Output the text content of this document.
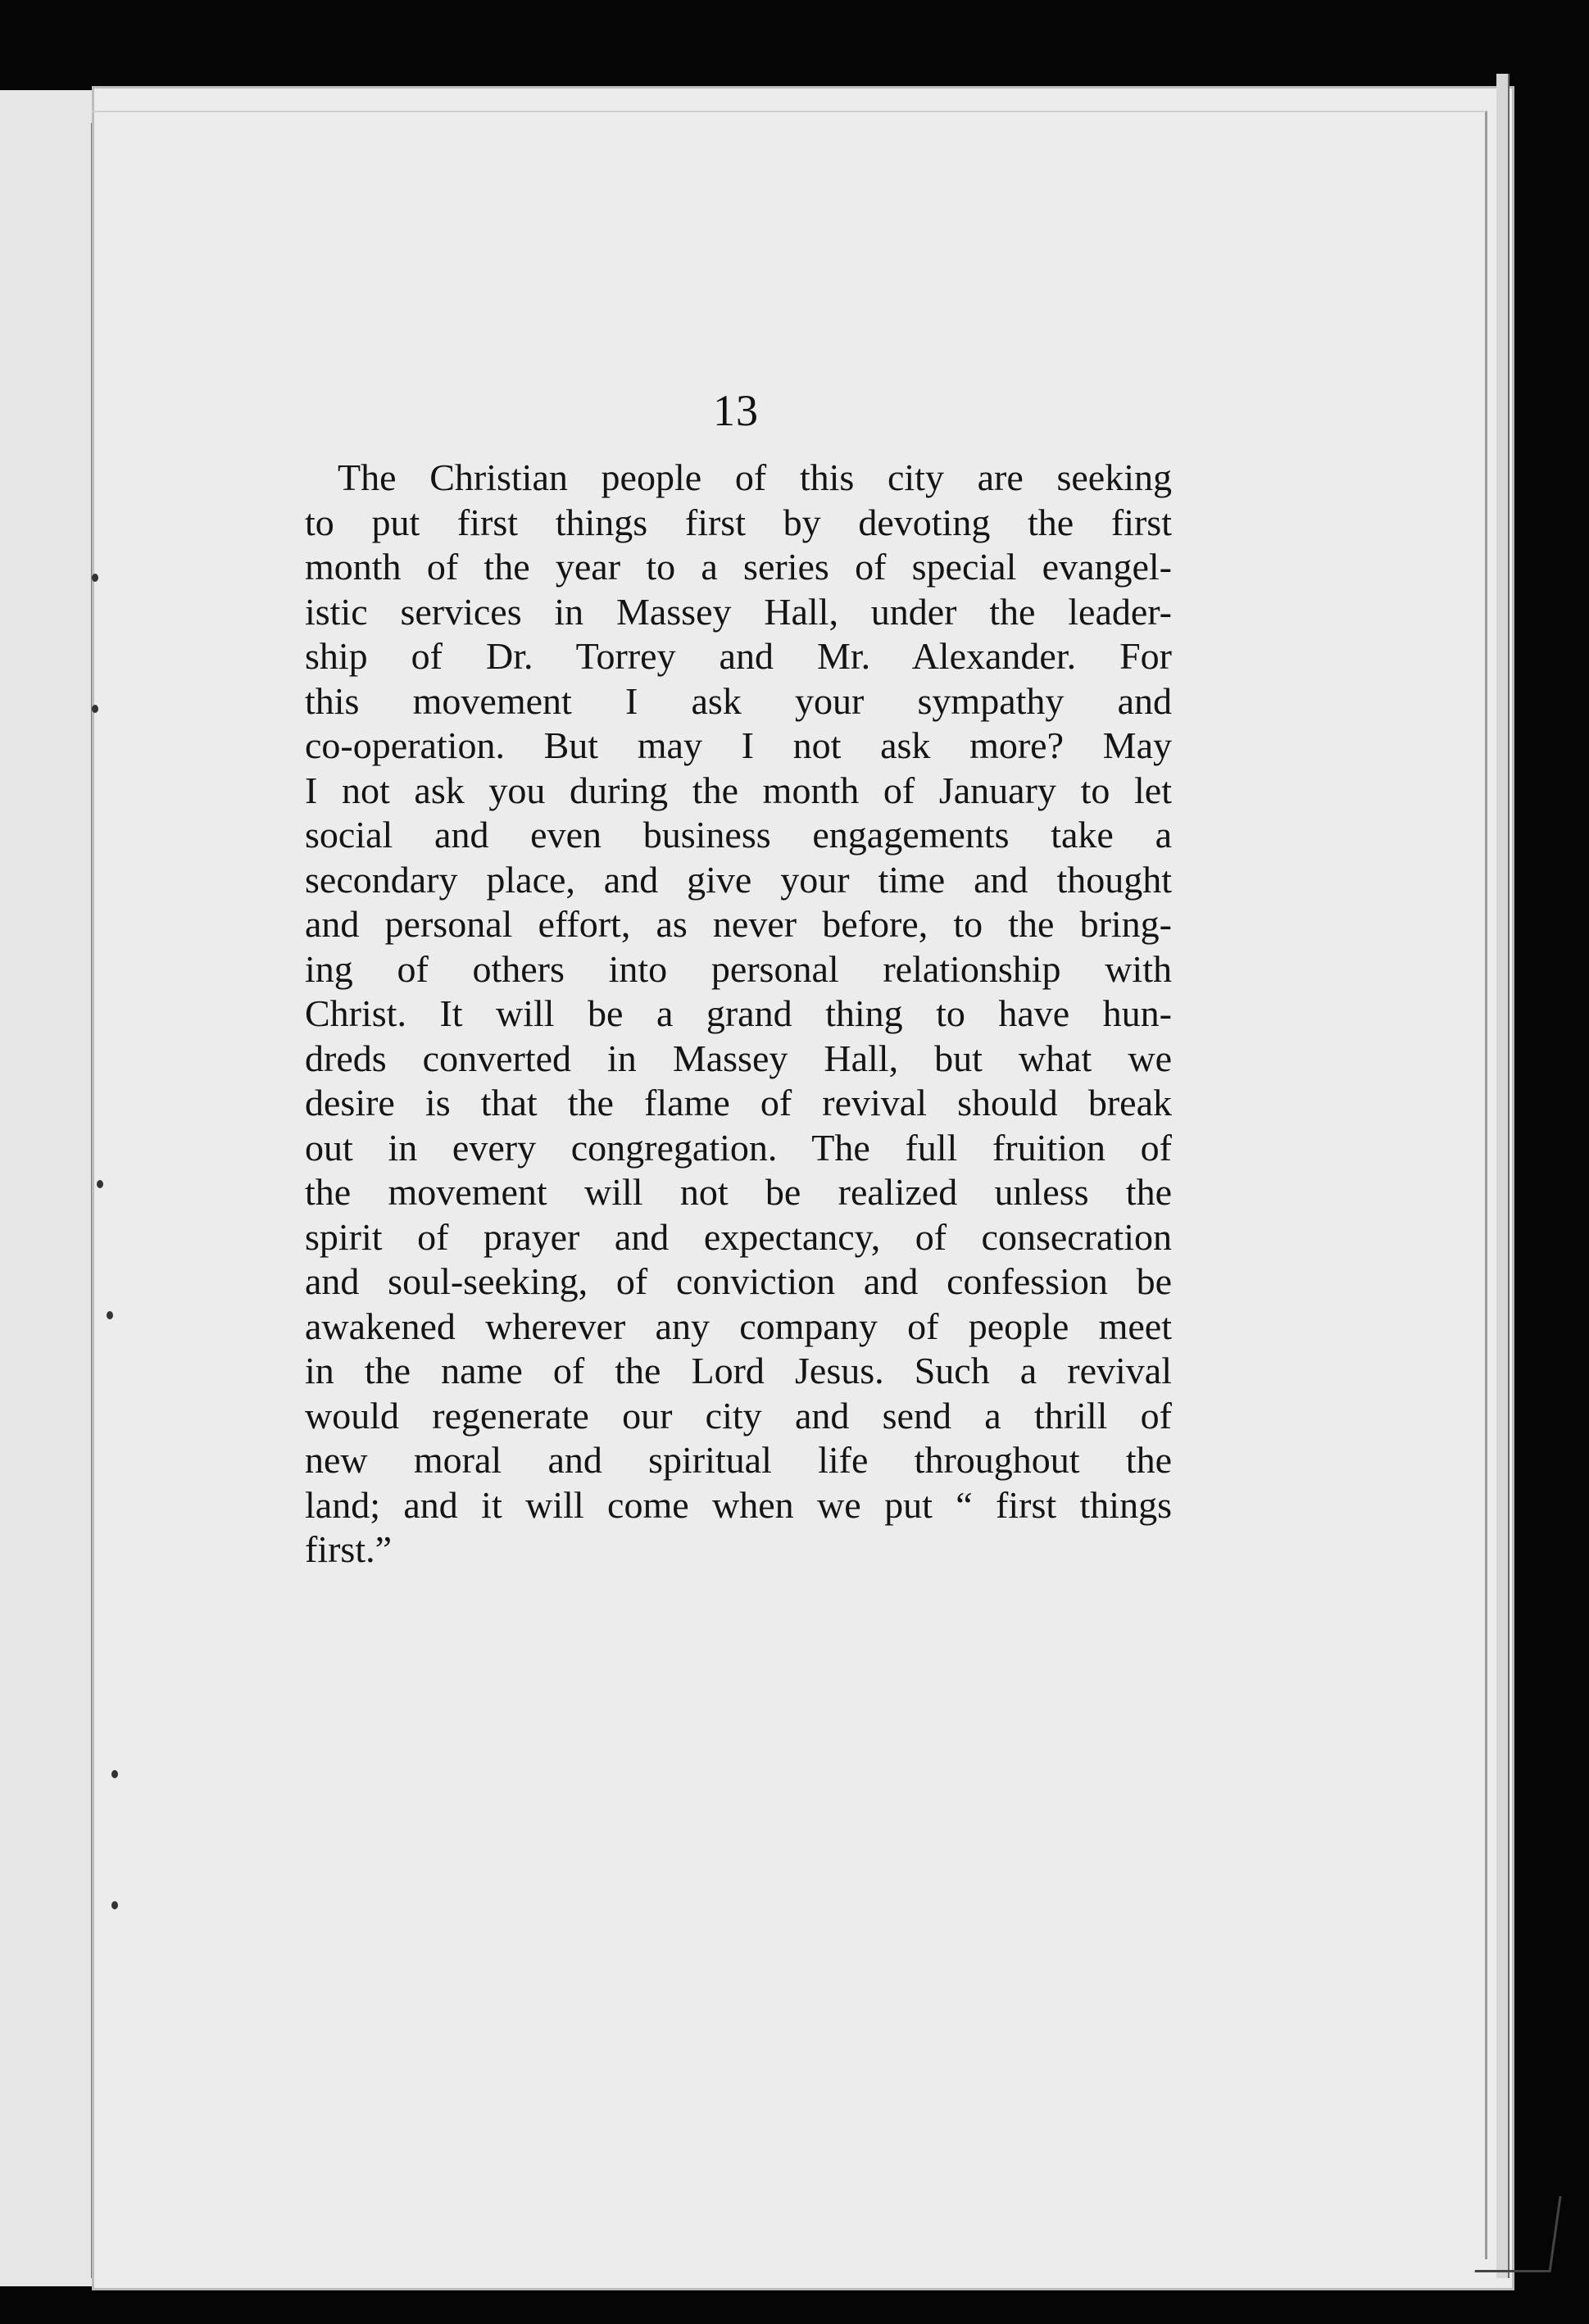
13
The Christian people of this city are seeking
to put first things first by devoting the first
month of the year to a series of special evangel-
istic services in Massey Hall, under the leader-
ship of Dr. Torrey and Mr. Alexander. For
this movement I ask your sympathy and
co-operation. But may I not ask more? May
I not ask you during the month of January to let
social and even business engagements take a
secondary place, and give your time and thought
and personal effort, as never before, to the bring-
ing of others into personal relationship with
Christ. It will be a grand thing to have hun-
dreds converted in Massey Hall, but what we
desire is that the flame of revival should break
out in every congregation. The full fruition of
the movement will not be realized unless the
spirit of prayer and expectancy, of consecration
and soul-seeking, of conviction and confession be
awakened wherever any company of people meet
in the name of the Lord Jesus. Such a revival
would regenerate our city and send a thrill of
new moral and spiritual life throughout the
land; and it will come when we put “ first things
first.”
